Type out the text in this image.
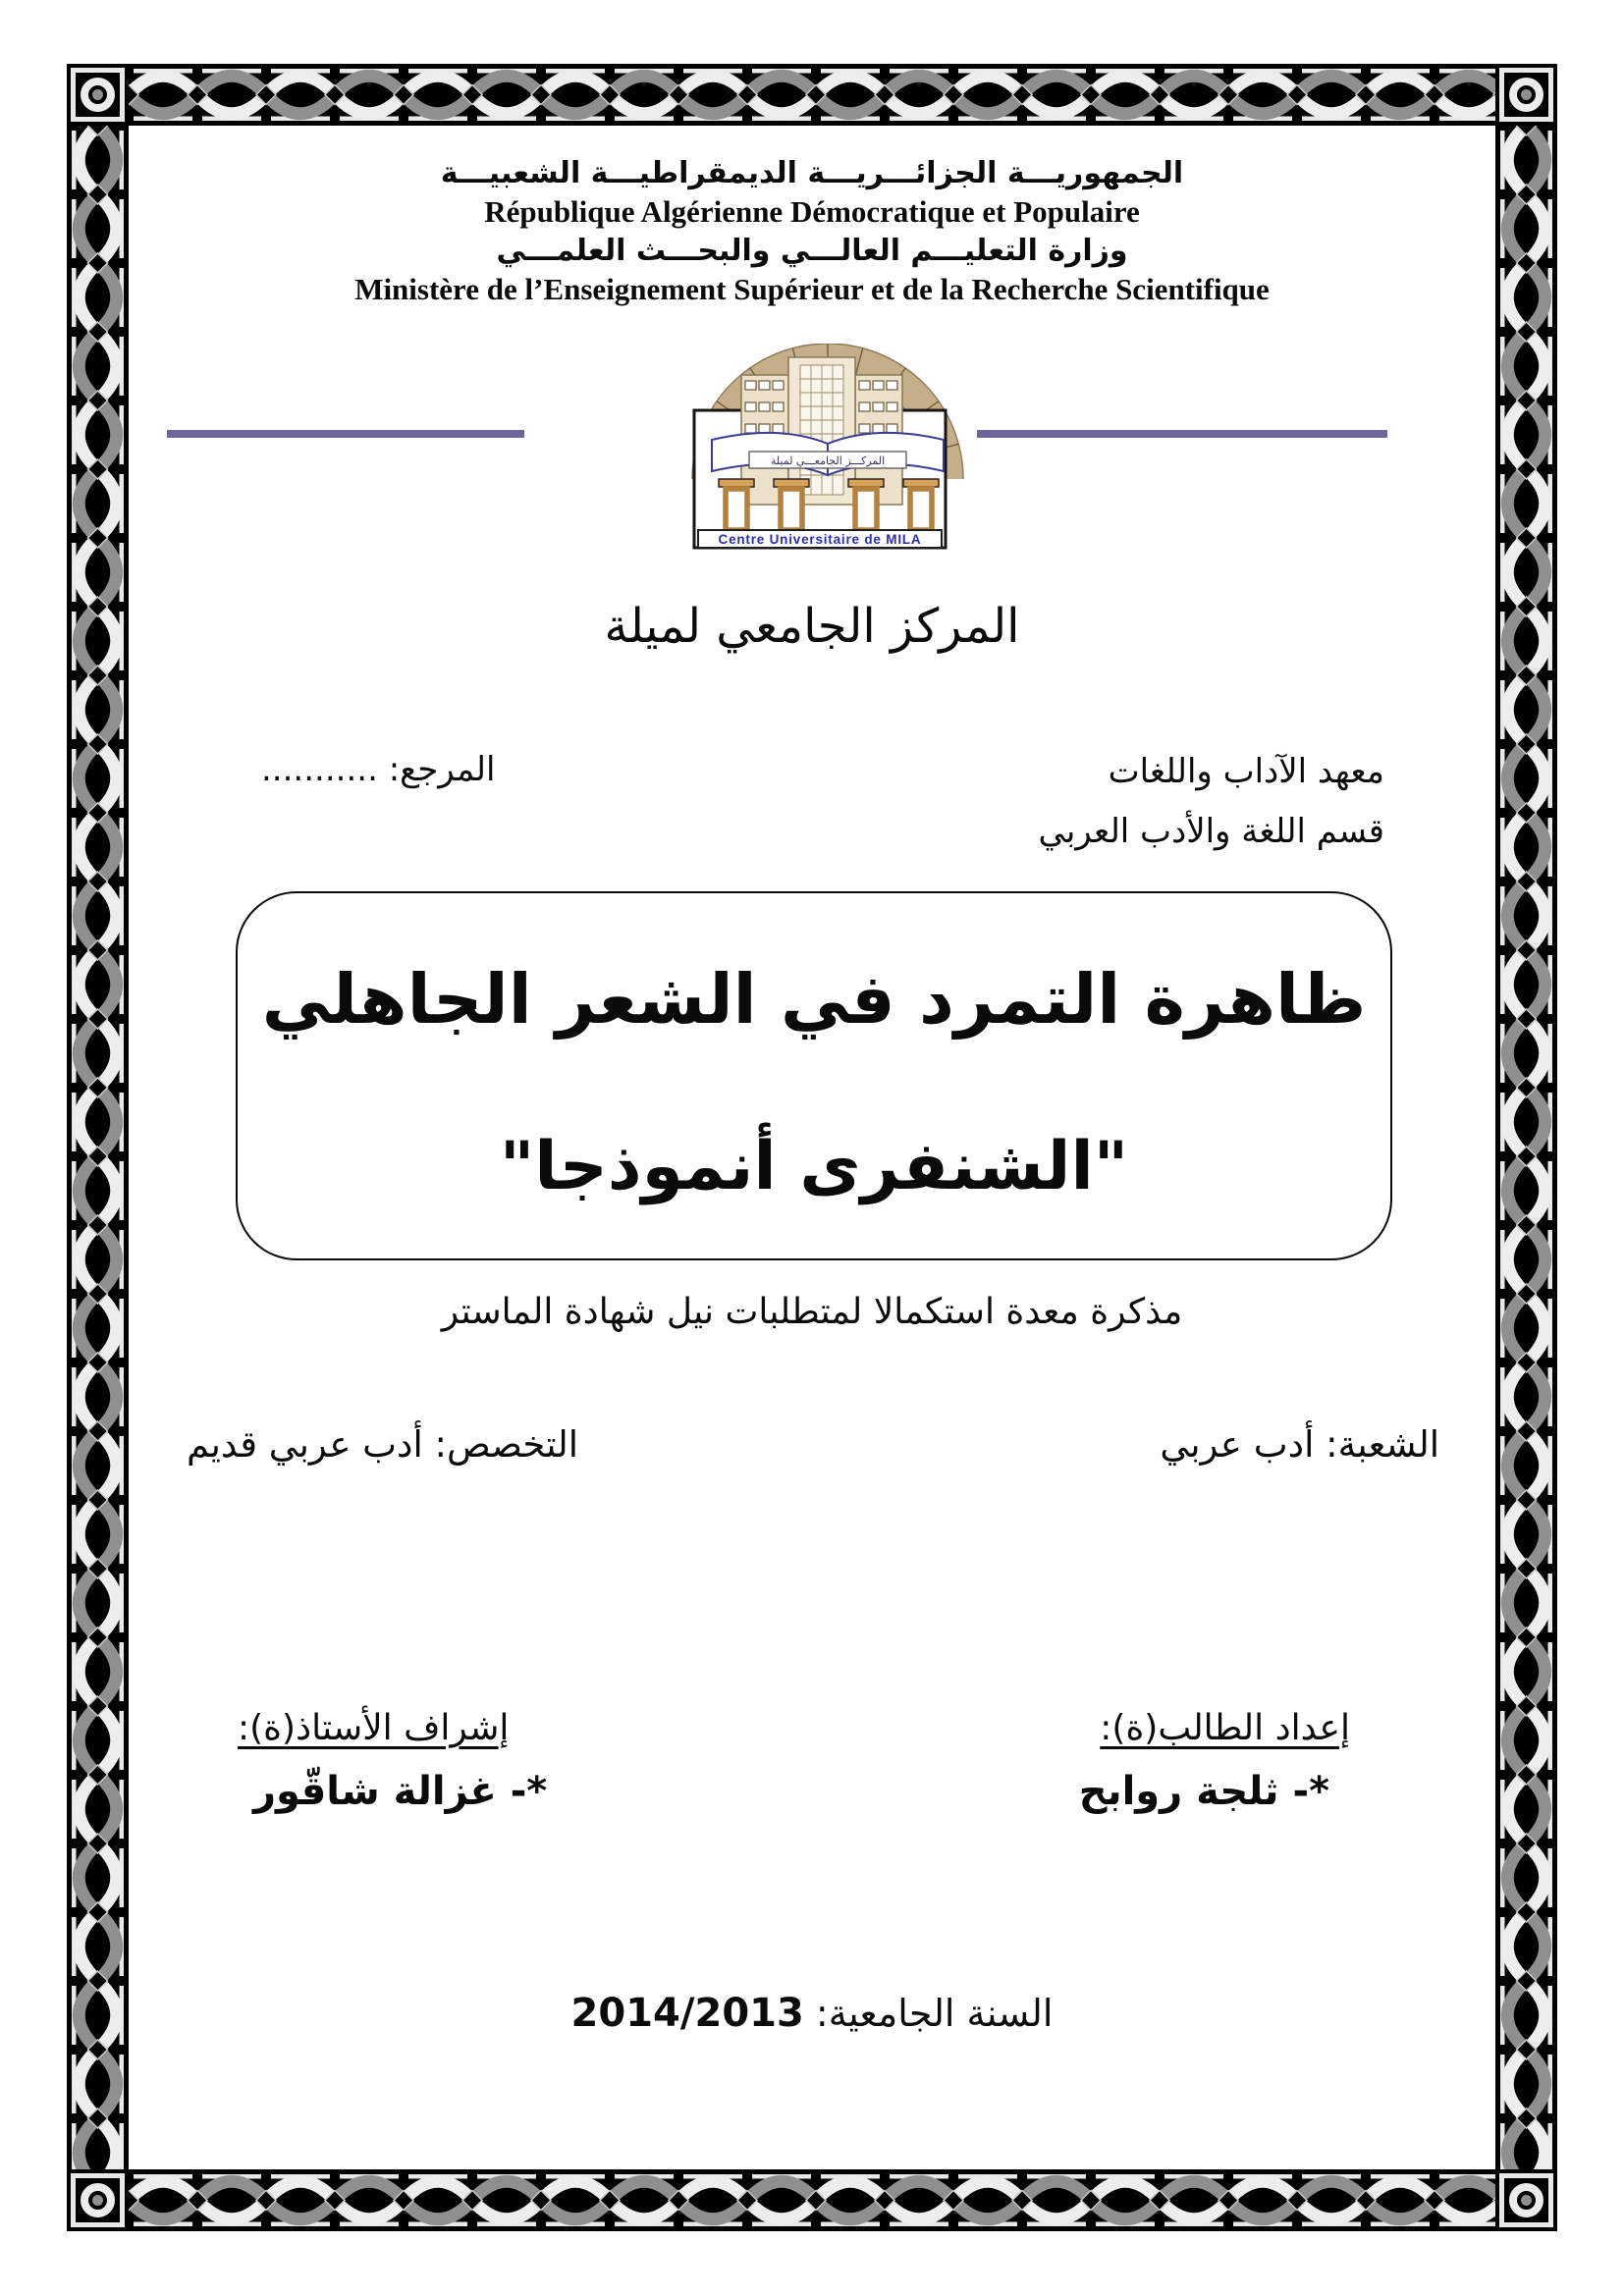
الجمهوريـــة الجزائـــريـــة الديمقراطيـــة الشعبيـــة

République Algérienne Démocratique et Populaire

وزارة التعليـــم العالـــي والبحـــث العلمـــي

Ministère de l’Enseignement Supérieur et de la Recherche Scientifique

المركـــز الجامعـــي لميلة
Centre Universitaire de MILA
المركز الجامعي لميلة
معهد الآداب واللغات
قسم اللغة والأدب العربي
المرجع: ...........
ظاهرة التمرد في الشعر الجاهلي
"الشنفرى أنموذجا"
مذكرة معدة استكمالا لمتطلبات نيل شهادة الماستر
التخصص: أدب عربي قديم	الشعبة: أدب عربي
إشراف الأستاذ(ة):	إعداد الطالب(ة):
*- غزالة شاقّور	*- ثلجة روابح
السنة الجامعية: 2014/2013
